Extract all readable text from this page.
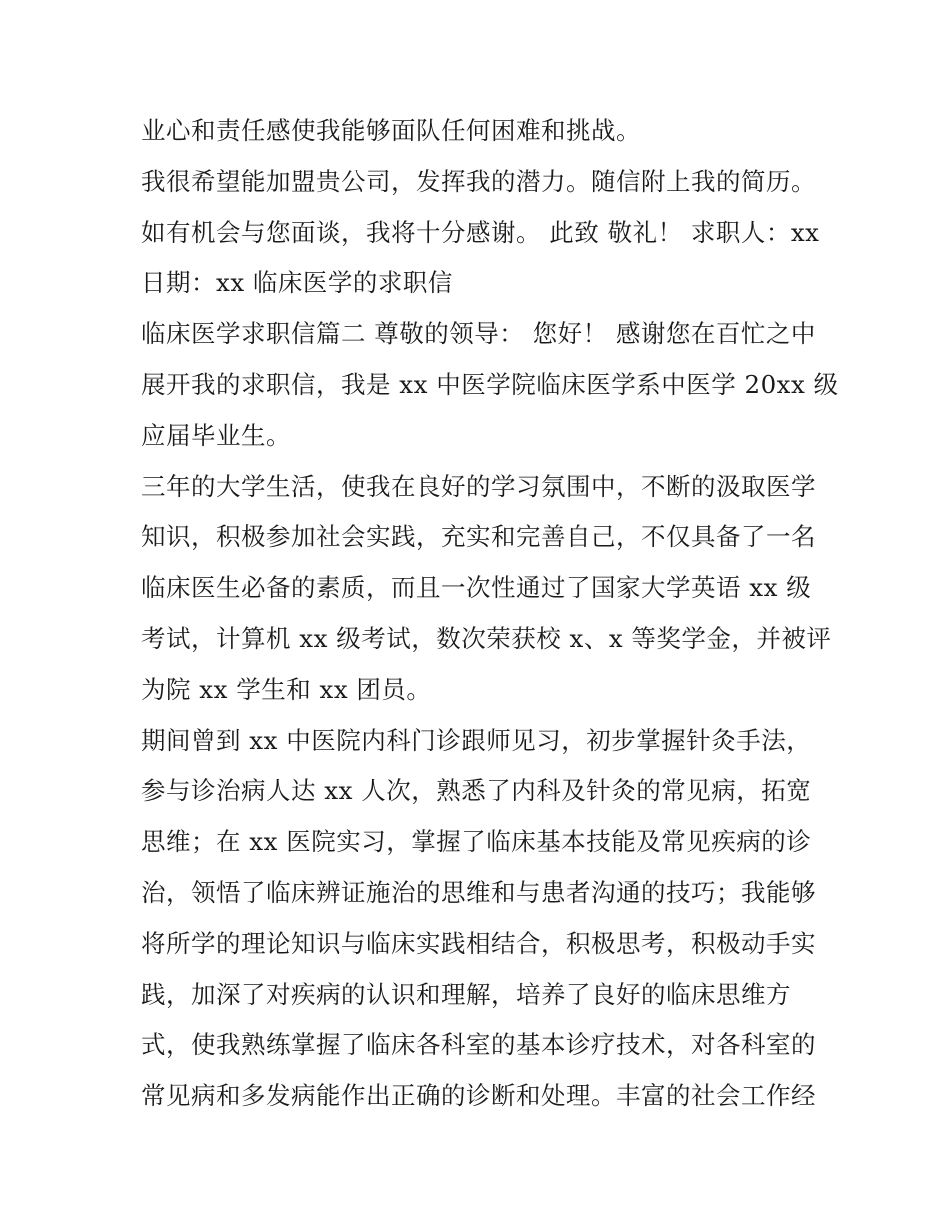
业心和责任感使我能够面队任何困难和挑战。
我很希望能加盟贵公司，发挥我的潜力。随信附上我的简历。
如有机会与您面谈，我将十分感谢。 此致 敬礼！ 求职人：xx
日期：xx 临床医学的求职信
临床医学求职信篇二 尊敬的领导： 您好！ 感谢您在百忙之中
展开我的求职信，我是 xx 中医学院临床医学系中医学 20xx 级
应届毕业生。
三年的大学生活，使我在良好的学习氛围中，不断的汲取医学
知识，积极参加社会实践，充实和完善自己，不仅具备了一名
临床医生必备的素质，而且一次性通过了国家大学英语 xx 级
考试，计算机 xx 级考试，数次荣获校 x、x 等奖学金，并被评
为院 xx 学生和 xx 团员。
期间曾到 xx 中医院内科门诊跟师见习，初步掌握针灸手法，
参与诊治病人达 xx 人次，熟悉了内科及针灸的常见病，拓宽
思维；在 xx 医院实习，掌握了临床基本技能及常见疾病的诊
治，领悟了临床辨证施治的思维和与患者沟通的技巧；我能够
将所学的理论知识与临床实践相结合，积极思考，积极动手实
践，加深了对疾病的认识和理解，培养了良好的临床思维方
式，使我熟练掌握了临床各科室的基本诊疗技术，对各科室的
常见病和多发病能作出正确的诊断和处理。丰富的社会工作经
